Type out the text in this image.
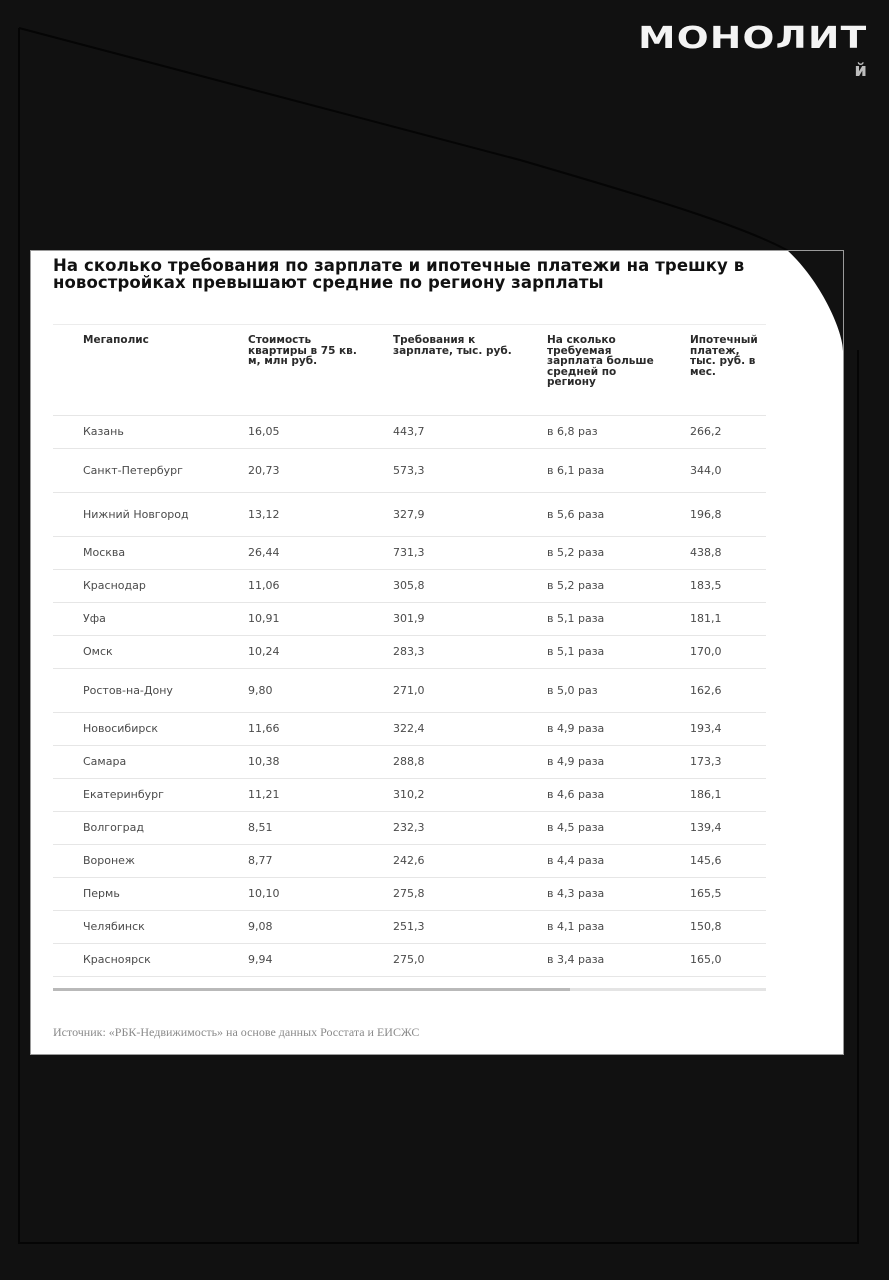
МОНОЛИТ
й
На сколько требования по зарплате и ипотечные платежи на трешку в новостройках превышают средние по региону зарплаты
Мегаполис	Стоимость квартиры в 75 кв. м, млн руб.	Требования к зарплате, тыс. руб.	На сколько требуемая зарплата больше средней по региону	Ипотечный платеж, тыс. руб. в мес.
Казань	16,05	443,7	в 6,8 раз	266,2
Санкт-Петербург	20,73	573,3	в 6,1 раза	344,0
Нижний Новгород	13,12	327,9	в 5,6 раза	196,8
Москва	26,44	731,3	в 5,2 раза	438,8
Краснодар	11,06	305,8	в 5,2 раза	183,5
Уфа	10,91	301,9	в 5,1 раза	181,1
Омск	10,24	283,3	в 5,1 раза	170,0
Ростов-на-Дону	9,80	271,0	в 5,0 раз	162,6
Новосибирск	11,66	322,4	в 4,9 раза	193,4
Самара	10,38	288,8	в 4,9 раза	173,3
Екатеринбург	11,21	310,2	в 4,6 раза	186,1
Волгоград	8,51	232,3	в 4,5 раза	139,4
Воронеж	8,77	242,6	в 4,4 раза	145,6
Пермь	10,10	275,8	в 4,3 раза	165,5
Челябинск	9,08	251,3	в 4,1 раза	150,8
Красноярск	9,94	275,0	в 3,4 раза	165,0
Источник: «РБК-Недвижимость» на основе данных Росстата и ЕИСЖС
